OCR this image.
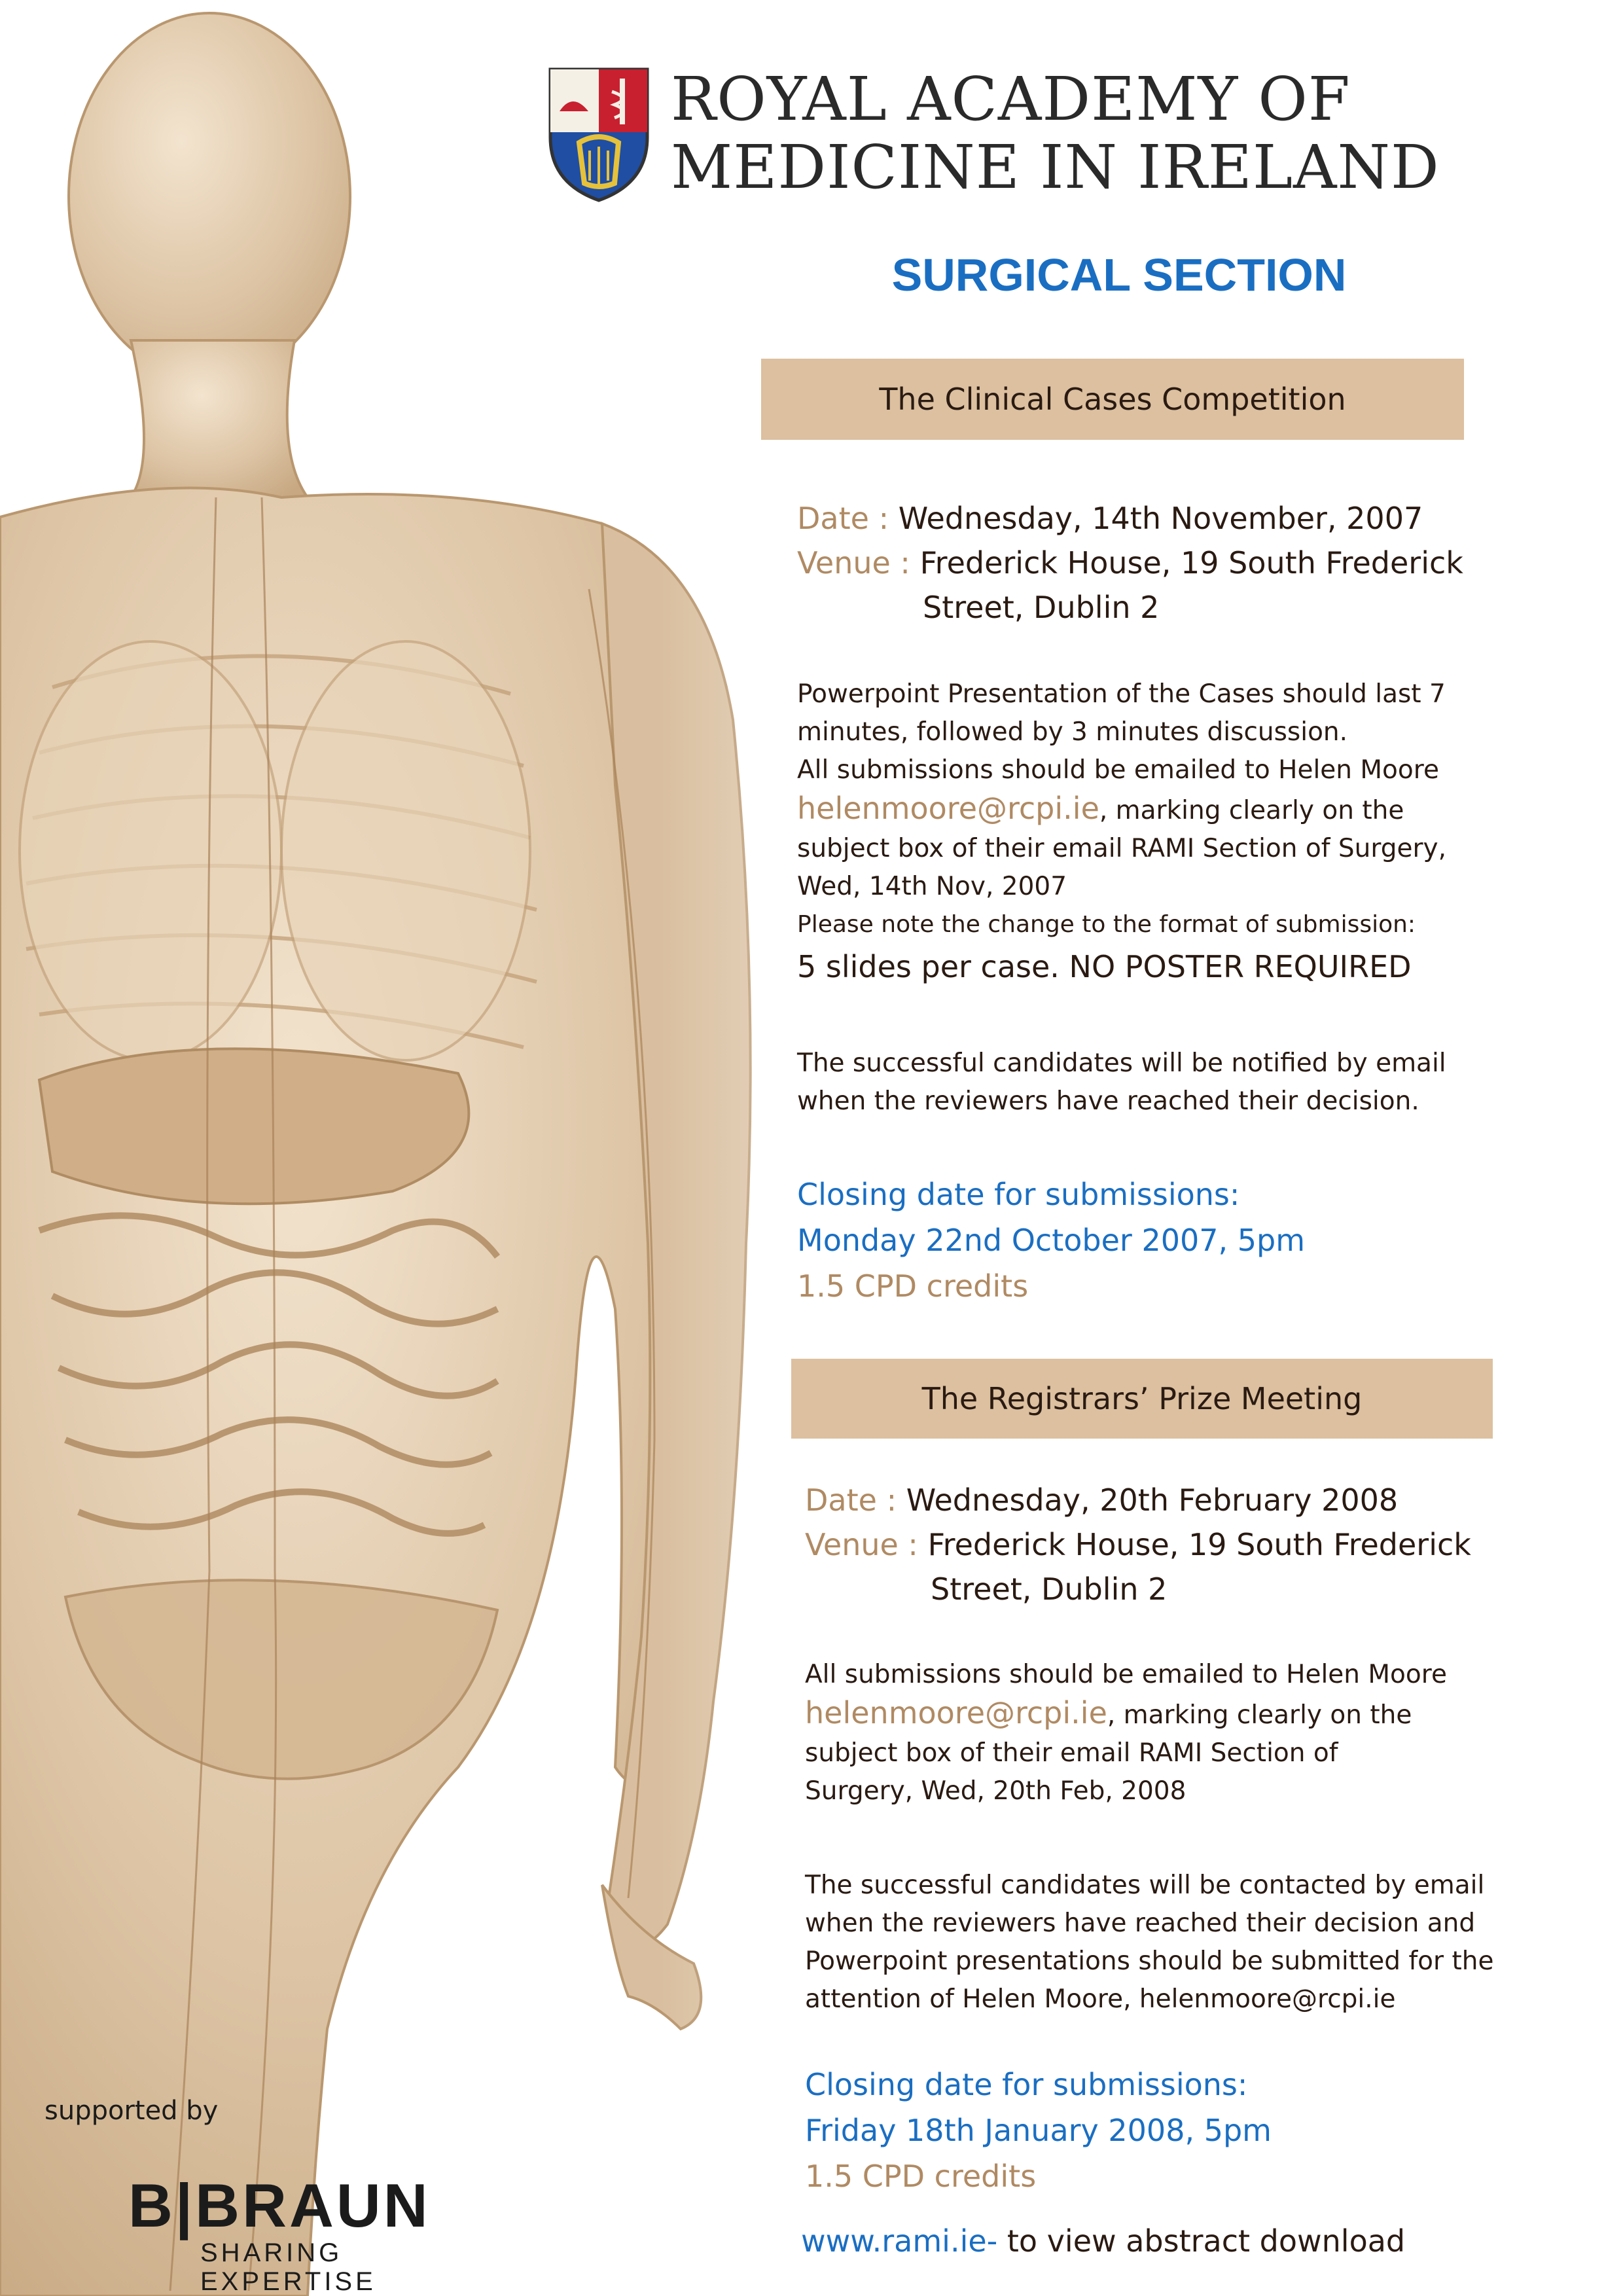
ROYAL ACADEMY OF
MEDICINE IN IRELAND
SURGICAL SECTION
The Clinical Cases Competition
Date : Wednesday, 14th November, 2007
Venue : Frederick House, 19 South Frederick
Street, Dublin 2
Powerpoint Presentation of the Cases should last 7
minutes, followed by 3 minutes discussion.
All submissions should be emailed to Helen Moore
helenmoore@rcpi.ie, marking clearly on the
subject box of their email RAMI Section of Surgery,
Wed, 14th Nov, 2007
Please note the change to the format of submission:
5 slides per case. NO POSTER REQUIRED
The successful candidates will be notified by email
when the reviewers have reached their decision.
Closing date for submissions:
Monday 22nd October 2007, 5pm
1.5 CPD credits
The Registrars’ Prize Meeting
Date : Wednesday, 20th February 2008
Venue : Frederick House, 19 South Frederick
Street, Dublin 2
All submissions should be emailed to Helen Moore
helenmoore@rcpi.ie, marking clearly on the
subject box of their email RAMI Section of
Surgery, Wed, 20th Feb, 2008
The successful candidates will be contacted by email
when the reviewers have reached their decision and
Powerpoint presentations should be submitted for the
attention of Helen Moore, helenmoore@rcpi.ie
Closing date for submissions:
Friday 18th January 2008, 5pm
1.5 CPD credits
www.rami.ie- to view abstract download
supported by
B|BRAUN
SHARING EXPERTISE
